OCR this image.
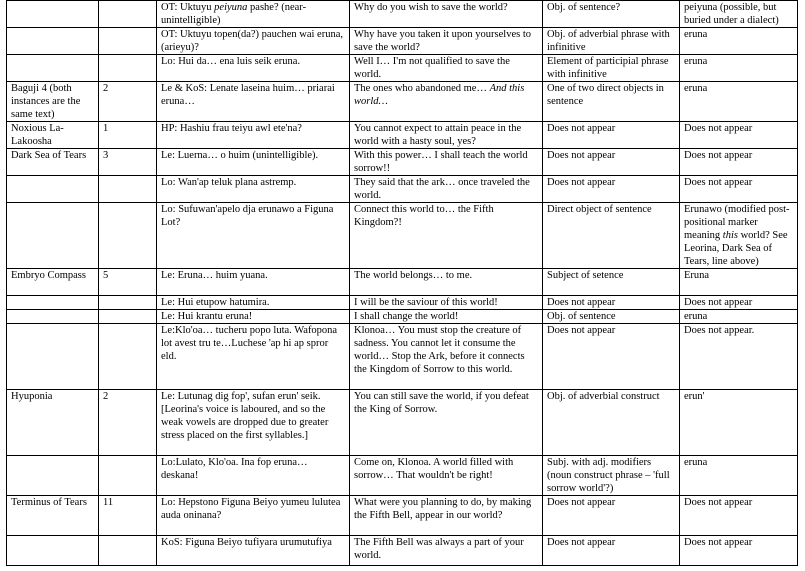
		OT: Uktuyu peiyuna pashe? (near-unintelligible)	Why do you wish to save the world?	Obj. of sentence?	peiyuna (possible, but buried under a dialect)
		OT: Uktuyu topen(da?) pauchen wai eruna, (arieyu)?	Why have you taken it upon yourselves to save the world?	Obj. of adverbial phrase with infinitive	eruna
		Lo: Hui da… ena luis seik eruna.	Well I… I'm not qualified to save the world.	Element of participial phrase with infinitive	eruna
Baguji 4 (both instances are the same text)	2	Le & KoS: Lenate laseina huim… priarai eruna…	The ones who abandoned me… And this world…	One of two direct objects in sentence	eruna
Noxious La-Lakoosha	1	HP: Hashiu frau teiyu awl ete'na?	You cannot expect to attain peace in the world with a hasty soul, yes?	Does not appear	Does not appear
Dark Sea of Tears	3	Le: Luerna… o huim (unintelligible).	With this power… I shall teach the world sorrow!!	Does not appear	Does not appear
		Lo: Wan'ap teluk plana astremp.	They said that the ark… once traveled the world.	Does not appear	Does not appear
		Lo: Sufuwan'apelo dja erunawo a Figuna Lot?	Connect this world to… the Fifth Kingdom?!	Direct object of sentence	Erunawo (modified post-positional marker meaning this world? See Leorina, Dark Sea of Tears, line above)
Embryo Compass	5	Le: Eruna… huim yuana.	The world belongs… to me.	Subject of setence	Eruna
		Le: Hui etupow hatumira.	I will be the saviour of this world!	Does not appear	Does not appear
		Le: Hui krantu eruna!	I shall change the world!	Obj. of sentence	eruna
		Le:Klo'oa… tucheru popo luta. Wafopona lot avest tru te…Luchese 'ap hi ap spror eld.	Klonoa… You must stop the creature of sadness. You cannot let it consume the world… Stop the Ark, before it connects the Kingdom of Sorrow to this world.	Does not appear	Does not appear.
Hyuponia	2	Le: Lutunag dig fop', sufan erun' seik. [Leorina's voice is laboured, and so the weak vowels are dropped due to greater stress placed on the first syllables.]	You can still save the world, if you defeat the King of Sorrow.	Obj. of adverbial construct	erun'
		Lo:Lulato, Klo'oa. Ina fop eruna… deskana!	Come on, Klonoa. A world filled with sorrow… That wouldn't be right!	Subj. with adj. modifiers (noun construct phrase – 'full sorrow world'?)	eruna
Terminus of Tears	11	Lo: Hepstono Figuna Beiyo yumeu lulutea auda oninana?	What were you planning to do, by making the Fifth Bell, appear in our world?	Does not appear	Does not appear
		KoS: Figuna Beiyo tufiyara urumutufiya	The Fifth Bell was always a part of your world.	Does not appear	Does not appear
